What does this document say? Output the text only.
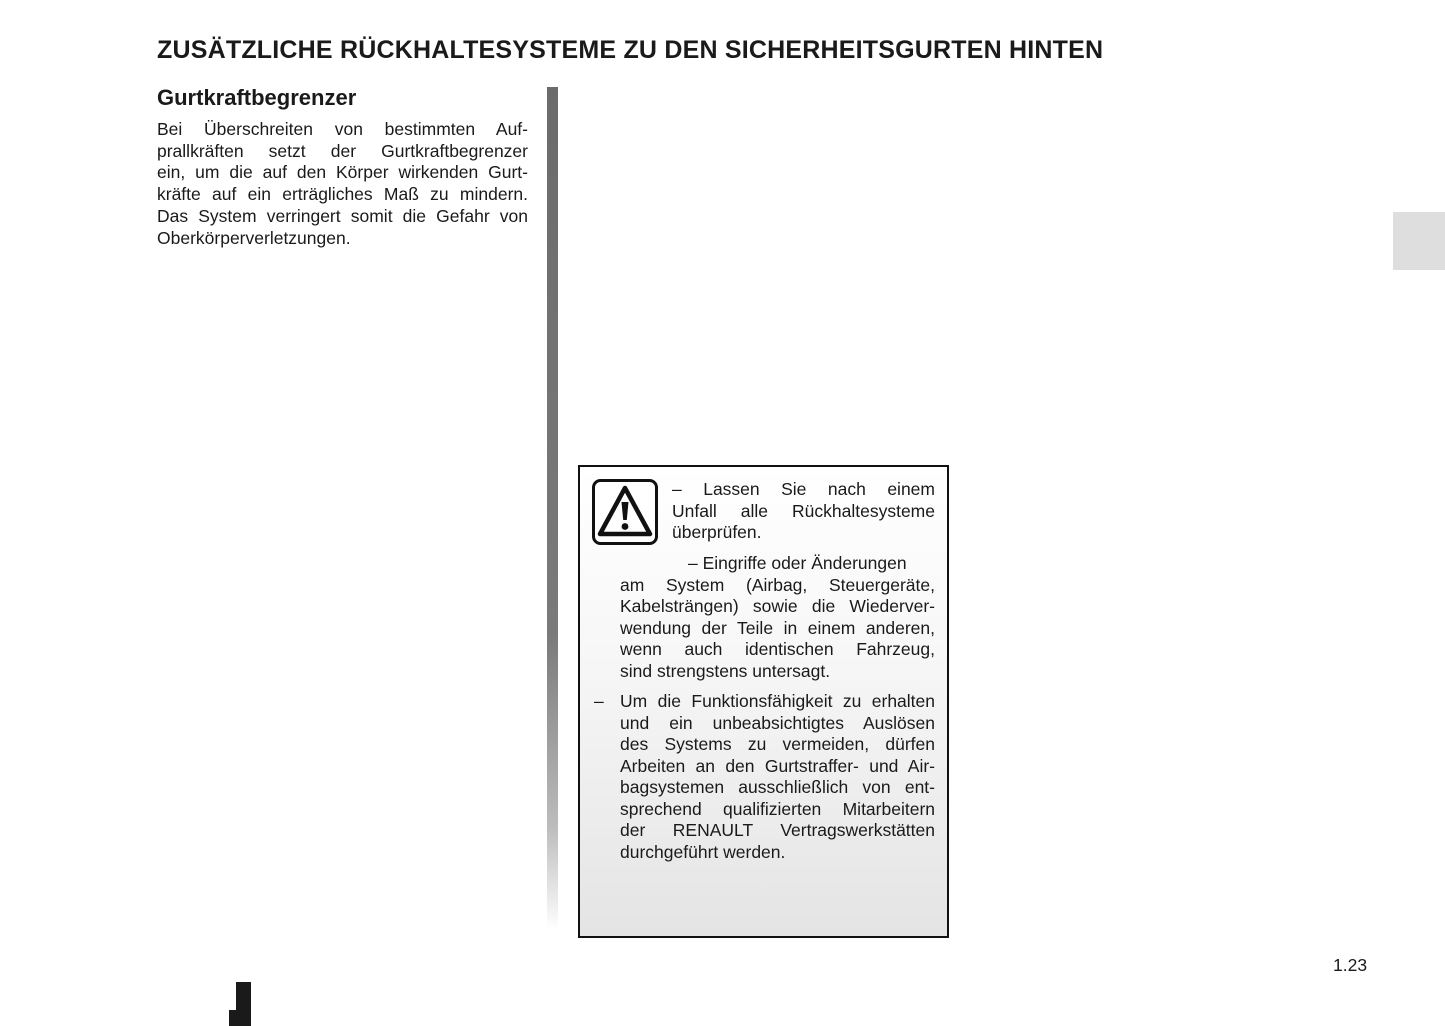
ZUSÄTZLICHE RÜCKHALTESYSTEME ZU DEN SICHERHEITSGURTEN HINTEN
Gurtkraftbegrenzer
Bei Überschreiten von bestimmten Auf-
prallkräften setzt der Gurtkraftbegrenzer
ein, um die auf den Körper wirkenden Gurt-
kräfte auf ein erträgliches Maß zu mindern.
Das System verringert somit die Gefahr von
Oberkörperverletzungen.
– Lassen Sie nach einem
Unfall alle Rückhaltesysteme
überprüfen.
– Eingriffe oder Änderungen
am System (Airbag, Steuergeräte,
Kabelsträngen) sowie die Wiederver-
wendung der Teile in einem anderen,
wenn auch identischen Fahrzeug,
sind strengstens untersagt.
– Um die Funktionsfähigkeit zu erhalten
und ein unbeabsichtigtes Auslösen
des Systems zu vermeiden, dürfen
Arbeiten an den Gurtstraffer- und Air-
bagsystemen ausschließlich von ent-
sprechend qualifizierten Mitarbeitern
der RENAULT Vertragswerkstätten
durchgeführt werden.
1.23
